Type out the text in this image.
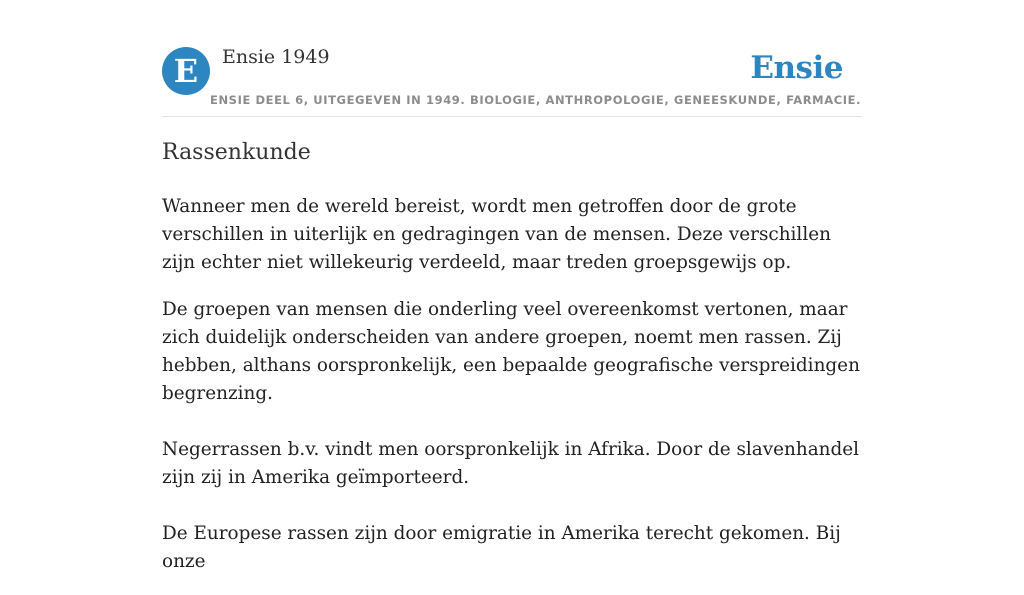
E	Ensie 1949	Ensie
ENSIE DEEL 6, UITGEGEVEN IN 1949. BIOLOGIE, ANTHROPOLOGIE, GENEESKUNDE, FARMACIE.
Rassenkunde

Wanneer men de wereld bereist, wordt men getroffen door de grote verschillen in uiterlijk en gedragingen van de mensen. Deze verschillen zijn echter niet willekeurig verdeeld, maar treden groepsgewijs op.

De groepen van mensen die onderling veel overeenkomst vertonen, maar zich duidelijk onderscheiden van andere groepen, noemt men rassen. Zij hebben, althans oorspronkelijk, een bepaalde geografische verspreidingen begrenzing.

Negerrassen b.v. vindt men oorspronkelijk in Afrika. Door de slavenhandel zijn zij in Amerika geïmporteerd.

De Europese rassen zijn door emigratie in Amerika terecht gekomen. Bij onze
